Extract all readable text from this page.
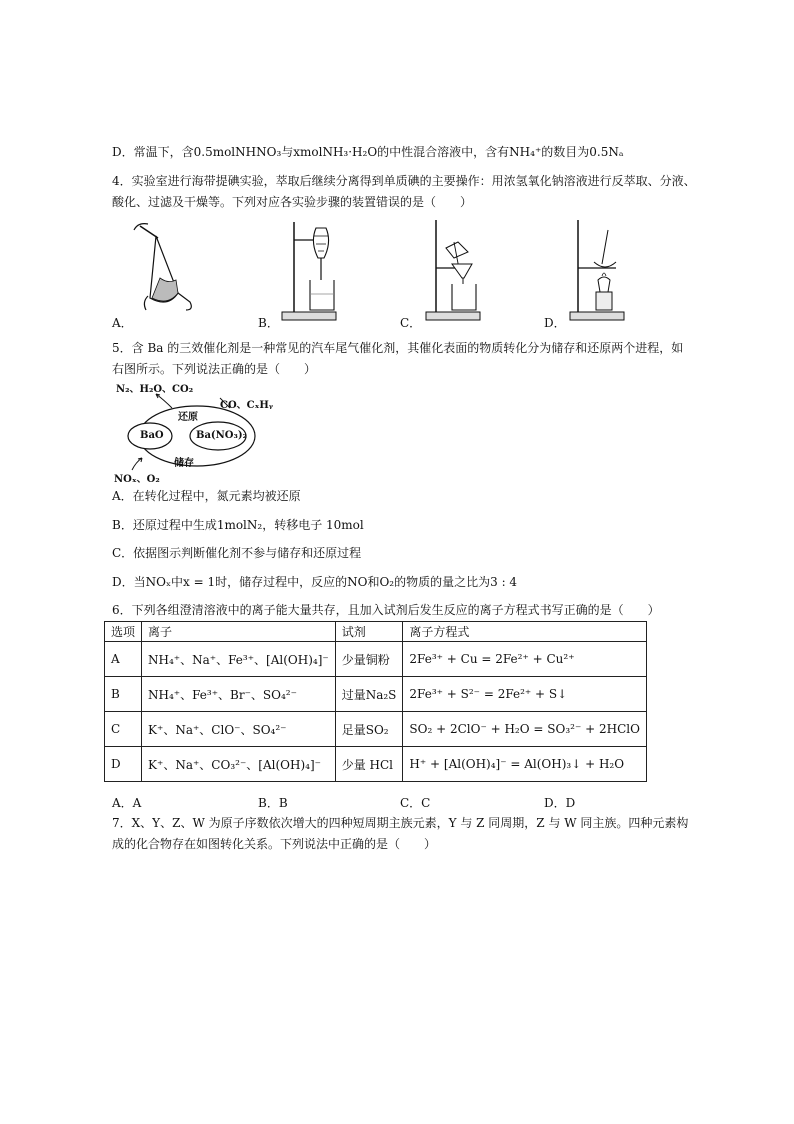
D．常温下，含0.5molNHNO₃与xmolNH₃·H₂O的中性混合溶液中，含有NH₄⁺的数目为0.5Nₐ
4．实验室进行海带提碘实验，萃取后继续分离得到单质碘的主要操作：用浓氢氧化钠溶液进行反萃取、分液、
酸化、过滤及干燥等。下列对应各实验步骤的装置错误的是（　　）
A．	B．	C．	D．
5．含 Ba 的三效催化剂是一种常见的汽车尾气催化剂，其催化表面的物质转化分为储存和还原两个进程，如
右图所示。下列说法正确的是（　　）
N₂、H₂O、CO₂
CO、CₓHᵧ
还原
BaO	Ba(NO₃)₂
储存
NOₓ、O₂
A．在转化过程中，氮元素均被还原
B．还原过程中生成1molN₂，转移电子 10mol
C．依据图示判断催化剂不参与储存和还原过程
D．当NOₓ中x = 1时，储存过程中，反应的NO和O₂的物质的量之比为3 : 4
6．下列各组澄清溶液中的离子能大量共存，且加入试剂后发生反应的离子方程式书写正确的是（　　）
选项	离子	试剂	离子方程式
A	NH₄⁺、Na⁺、Fe³⁺、[Al(OH)₄]⁻	少量铜粉	2Fe³⁺ + Cu = 2Fe²⁺ + Cu²⁺
B	NH₄⁺、Fe³⁺、Br⁻、SO₄²⁻	过量Na₂S	2Fe³⁺ + S²⁻ = 2Fe²⁺ + S↓
C	K⁺、Na⁺、ClO⁻、SO₄²⁻	足量SO₂	SO₂ + 2ClO⁻ + H₂O = SO₃²⁻ + 2HClO
D	K⁺、Na⁺、CO₃²⁻、[Al(OH)₄]⁻	少量 HCl	H⁺ + [Al(OH)₄]⁻ = Al(OH)₃↓ + H₂O
A．A	B．B	C．C	D．D
7．X、Y、Z、W 为原子序数依次增大的四种短周期主族元素，Y 与 Z 同周期，Z 与 W 同主族。四种元素构
成的化合物存在如图转化关系。下列说法中正确的是（　　）
